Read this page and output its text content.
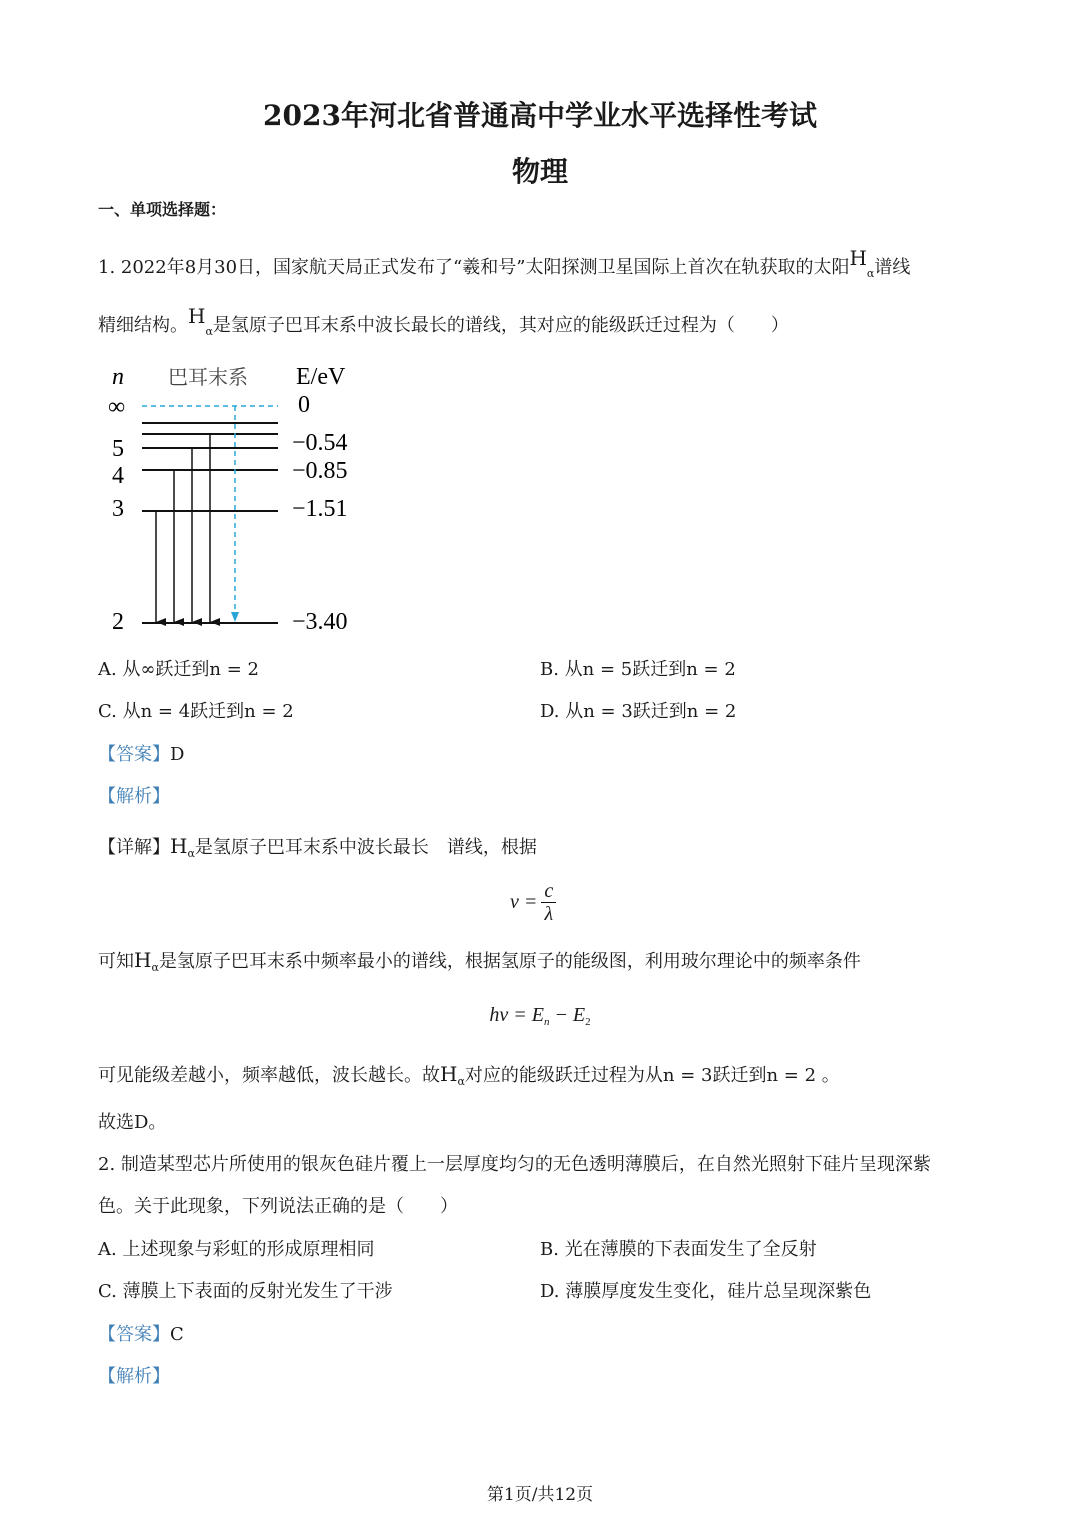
2023年河北省普通高中学业水平选择性考试
物理
一、单项选择题：
1. 2022年8月30日，国家航天局正式发布了“羲和号”太阳探测卫星国际上首次在轨获取的太阳$H_\alpha$谱线
精细结构。$H_\alpha$是氢原子巴耳末系中波长最长的谱线，其对应的能级跃迁过程为（　　）
n 巴耳末系 E/eV
∞
5
4
3
2
0
−0.54
−0.85
−1.51
−3.40
A. 从∞跃迁到n = 2	B. 从n = 5跃迁到n = 2
C. 从n = 4跃迁到n = 2	D. 从n = 3跃迁到n = 2
【答案】D
【解析】
【详解】$H_\alpha$是氢原子巴耳末系中波长最长　谱线，根据
$\nu = \frac{c}{\lambda}$
可知$H_\alpha$是氢原子巴耳末系中频率最小的谱线，根据氢原子的能级图，利用玻尔理论中的频率条件
$h\nu = E_n - E_2$
可见能级差越小，频率越低，波长越长。故$H_\alpha$对应的能级跃迁过程为从n = 3跃迁到n = 2 。
故选D。
2. 制造某型芯片所使用的银灰色硅片覆上一层厚度均匀的无色透明薄膜后，在自然光照射下硅片呈现深紫
色。关于此现象，下列说法正确的是（　　）
A. 上述现象与彩虹的形成原理相同	B. 光在薄膜的下表面发生了全反射
C. 薄膜上下表面的反射光发生了干涉	D. 薄膜厚度发生变化，硅片总呈现深紫色
【答案】C
【解析】
第1页/共12页
